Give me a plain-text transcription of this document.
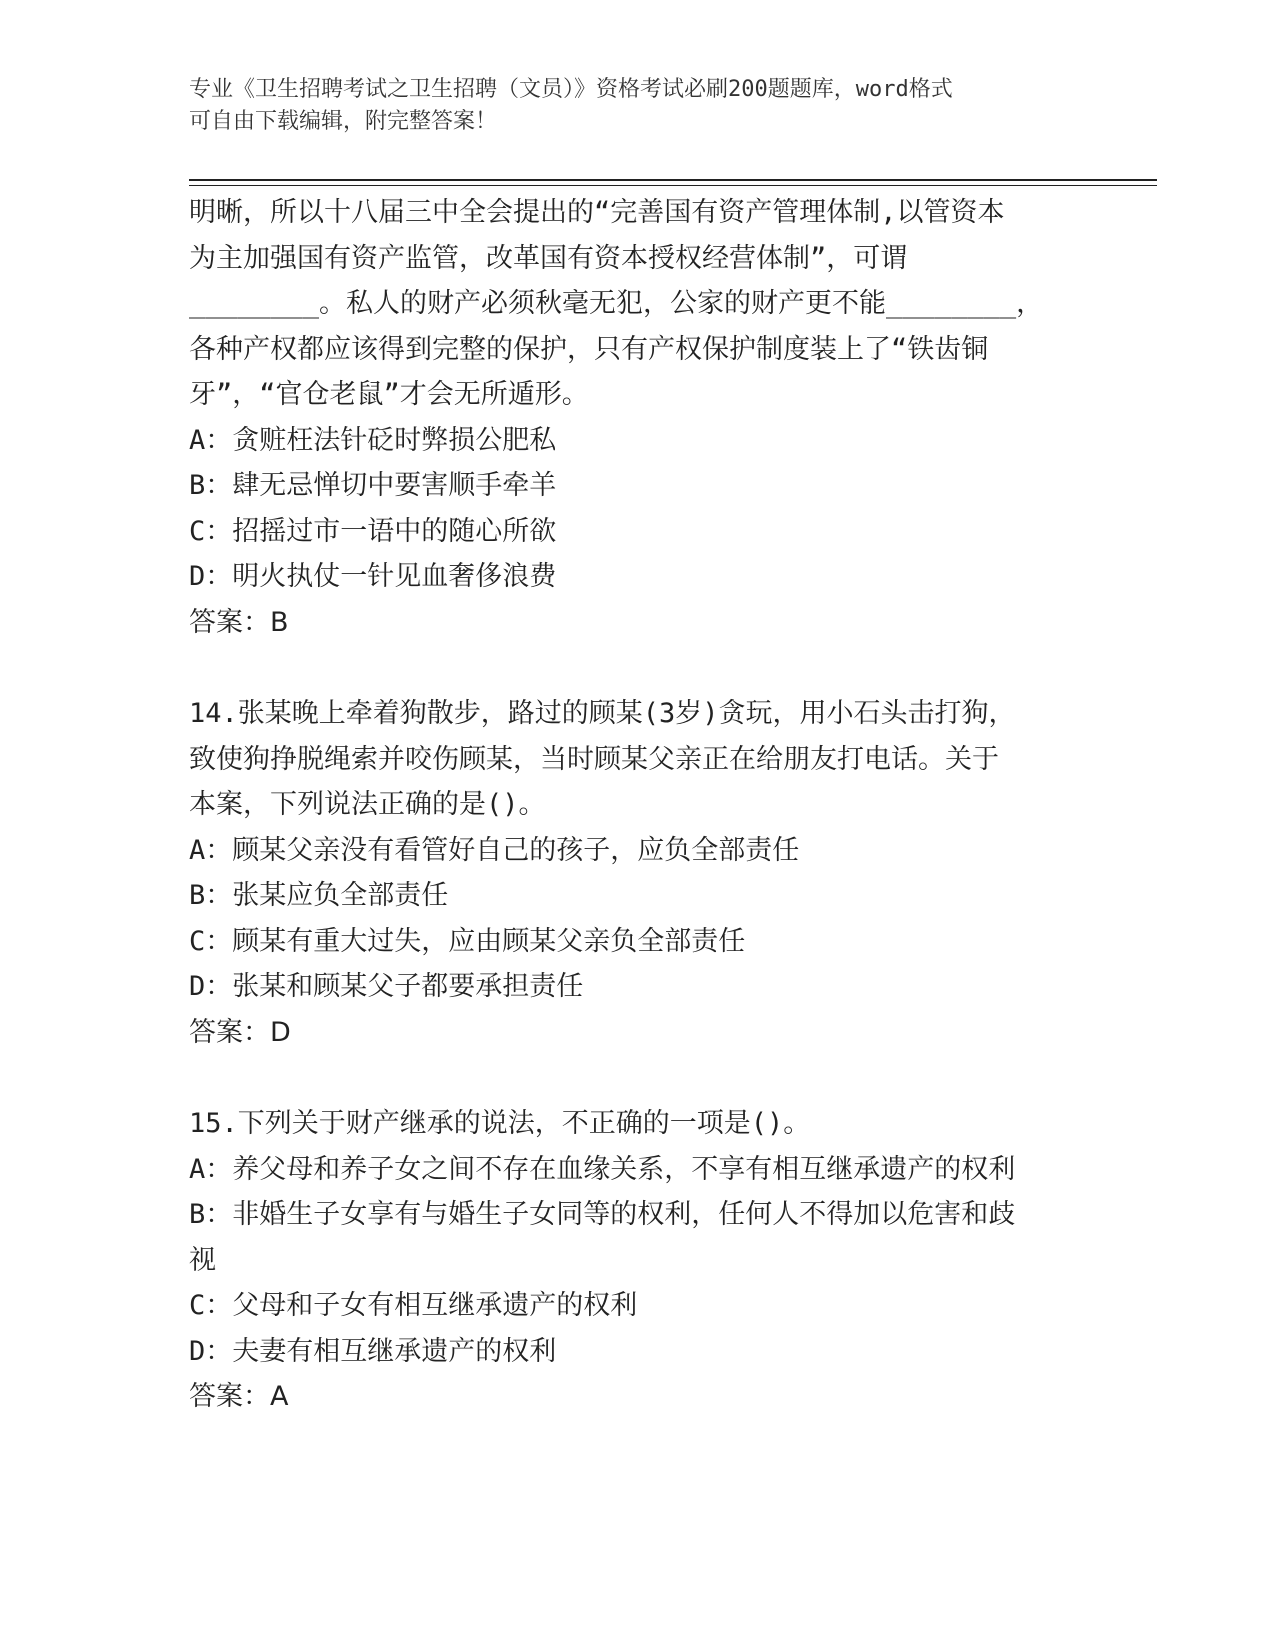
专业《卫生招聘考试之卫生招聘（文员）》资格考试必刷200题题库，word格式
可自由下载编辑，附完整答案！
明晰，所以十八届三中全会提出的“完善国有资产管理体制,以管资本
为主加强国有资产监管，改革国有资本授权经营体制”，可谓
________。私人的财产必须秋毫无犯，公家的财产更不能________，
各种产权都应该得到完整的保护，只有产权保护制度装上了“铁齿铜
牙”，“官仓老鼠”才会无所遁形。
A：贪赃枉法针砭时弊损公肥私
B：肆无忌惮切中要害顺手牵羊
C：招摇过市一语中的随心所欲
D：明火执仗一针见血奢侈浪费
答案：B
14.张某晚上牵着狗散步，路过的顾某(3岁)贪玩，用小石头击打狗，
致使狗挣脱绳索并咬伤顾某，当时顾某父亲正在给朋友打电话。关于
本案，下列说法正确的是()。
A：顾某父亲没有看管好自己的孩子，应负全部责任
B：张某应负全部责任
C：顾某有重大过失，应由顾某父亲负全部责任
D：张某和顾某父子都要承担责任
答案：D
15.下列关于财产继承的说法，不正确的一项是()。
A：养父母和养子女之间不存在血缘关系，不享有相互继承遗产的权利
B：非婚生子女享有与婚生子女同等的权利，任何人不得加以危害和歧
视
C：父母和子女有相互继承遗产的权利
D：夫妻有相互继承遗产的权利
答案：A
